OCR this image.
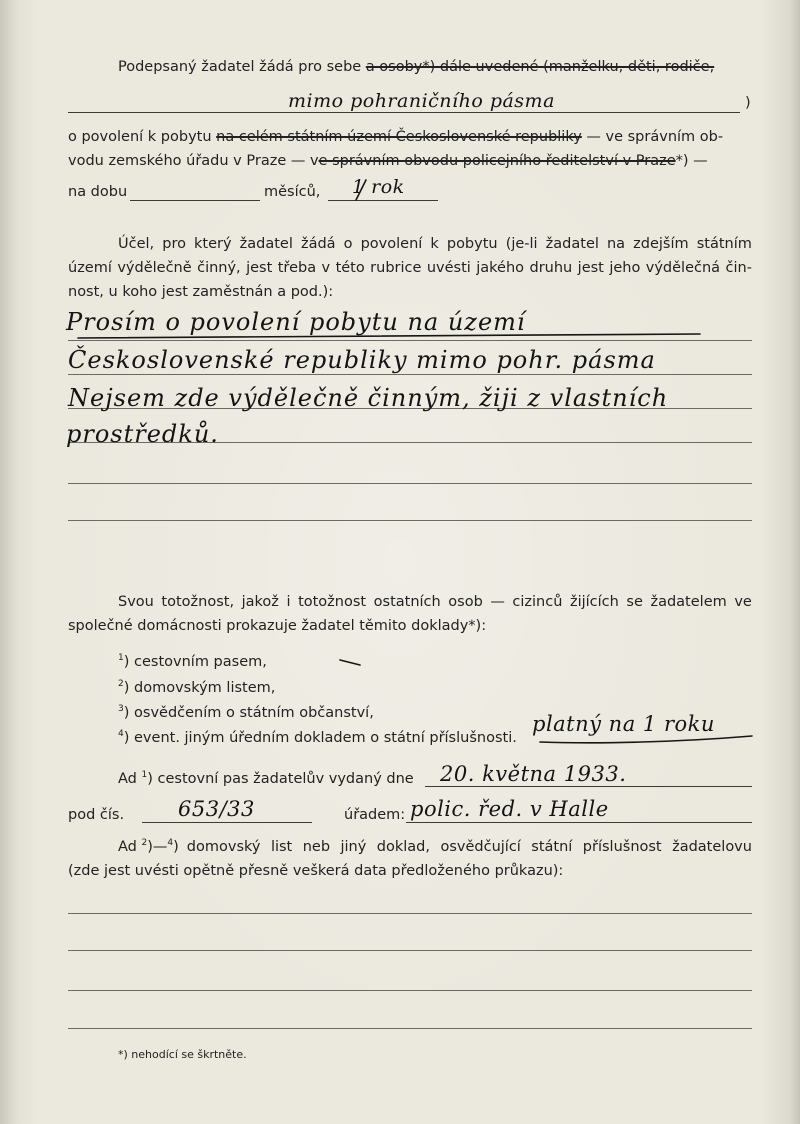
Podepsaný žadatel žádá pro sebe a osoby*) dále uvedené (manželku, děti, rodiče,
mimo pohraničního pásma	)
o povolení k pobytu na celém státním území Československé republiky — ve správním ob-
vodu zemského úřadu v Praze — ve správním obvodu policejního ředitelství v Praze*) —
na dobu	měsíců, 1 rok
Účel, pro který žadatel žádá o povolení k pobytu (je-li žadatel na zdejším státním
území výdělečně činný, jest třeba v této rubrice uvésti jakého druhu jest jeho výdělečná čin-
nost, u koho jest zaměstnán a pod.):
Prosím o povolení pobytu na území
Československé republiky mimo pohr. pásma
Nejsem zde výdělečně činným, žiji z vlastních
prostředků.
Svou totožnost, jakož i totožnost ostatních osob — cizinců žijících se žadatelem ve
společné domácnosti prokazuje žadatel těmito doklady*):
$^1$) cestovním pasem,
$^2$) domovským listem,
$^3$) osvědčením o státním občanství,
$^4$) event. jiným úředním dokladem o státní příslušnosti.
platný na 1 roku
Ad $^1$) cestovní pas žadatelův vydaný dne 20. května 1933.
pod čís.	653/33	úřadem: polic. řed. v Halle
Ad $^2$)—$^4$) domovský list neb jiný doklad, osvědčující státní příslušnost žadatelovu
(zde jest uvésti opětně přesně veškerá data předloženého průkazu):
*) nehodící se škrtněte.
